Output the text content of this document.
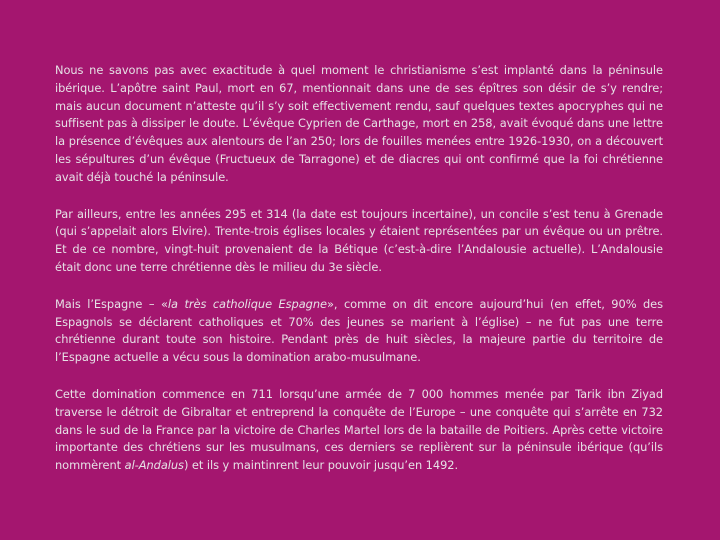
Nous ne savons pas avec exactitude à quel moment le christianisme s’est implanté dans la péninsule ibérique. L’apôtre saint Paul, mort en 67, mentionnait dans une de ses épîtres son désir de s’y rendre; mais aucun document n’atteste qu’il s’y soit effectivement rendu, sauf quelques textes apocryphes qui ne suffisent pas à dissiper le doute. L’évêque Cyprien de Carthage, mort en 258, avait évoqué dans une lettre la présence d’évêques aux alentours de l’an 250; lors de fouilles menées entre 1926-1930, on a découvert les sépultures d’un évêque (Fructueux de Tarragone) et de diacres qui ont confirmé que la foi chrétienne avait déjà touché la péninsule.

Par ailleurs, entre les années 295 et 314 (la date est toujours incertaine), un concile s’est tenu à Grenade (qui s’appelait alors Elvire). Trente-trois églises locales y étaient représentées par un évêque ou un prêtre. Et de ce nombre, vingt-huit provenaient de la Bétique (c’est-à-dire l’Andalousie actuelle). L’Andalousie était donc une terre chrétienne dès le milieu du 3e siècle.

Mais l’Espagne – «la très catholique Espagne», comme on dit encore aujourd’hui (en effet, 90% des Espagnols se déclarent catholiques et 70% des jeunes se marient à l’église) – ne fut pas une terre chrétienne durant toute son histoire. Pendant près de huit siècles, la majeure partie du territoire de l’Espagne actuelle a vécu sous la domination arabo-musulmane.

Cette domination commence en 711 lorsqu’une armée de 7 000 hommes menée par Tarik ibn Ziyad traverse le détroit de Gibraltar et entreprend la conquête de l’Europe – une conquête qui s’arrête en 732 dans le sud de la France par la victoire de Charles Martel lors de la bataille de Poitiers. Après cette victoire importante des chrétiens sur les musulmans, ces derniers se replièrent sur la péninsule ibérique (qu’ils nommèrent al-Andalus) et ils y maintinrent leur pouvoir jusqu’en 1492.
